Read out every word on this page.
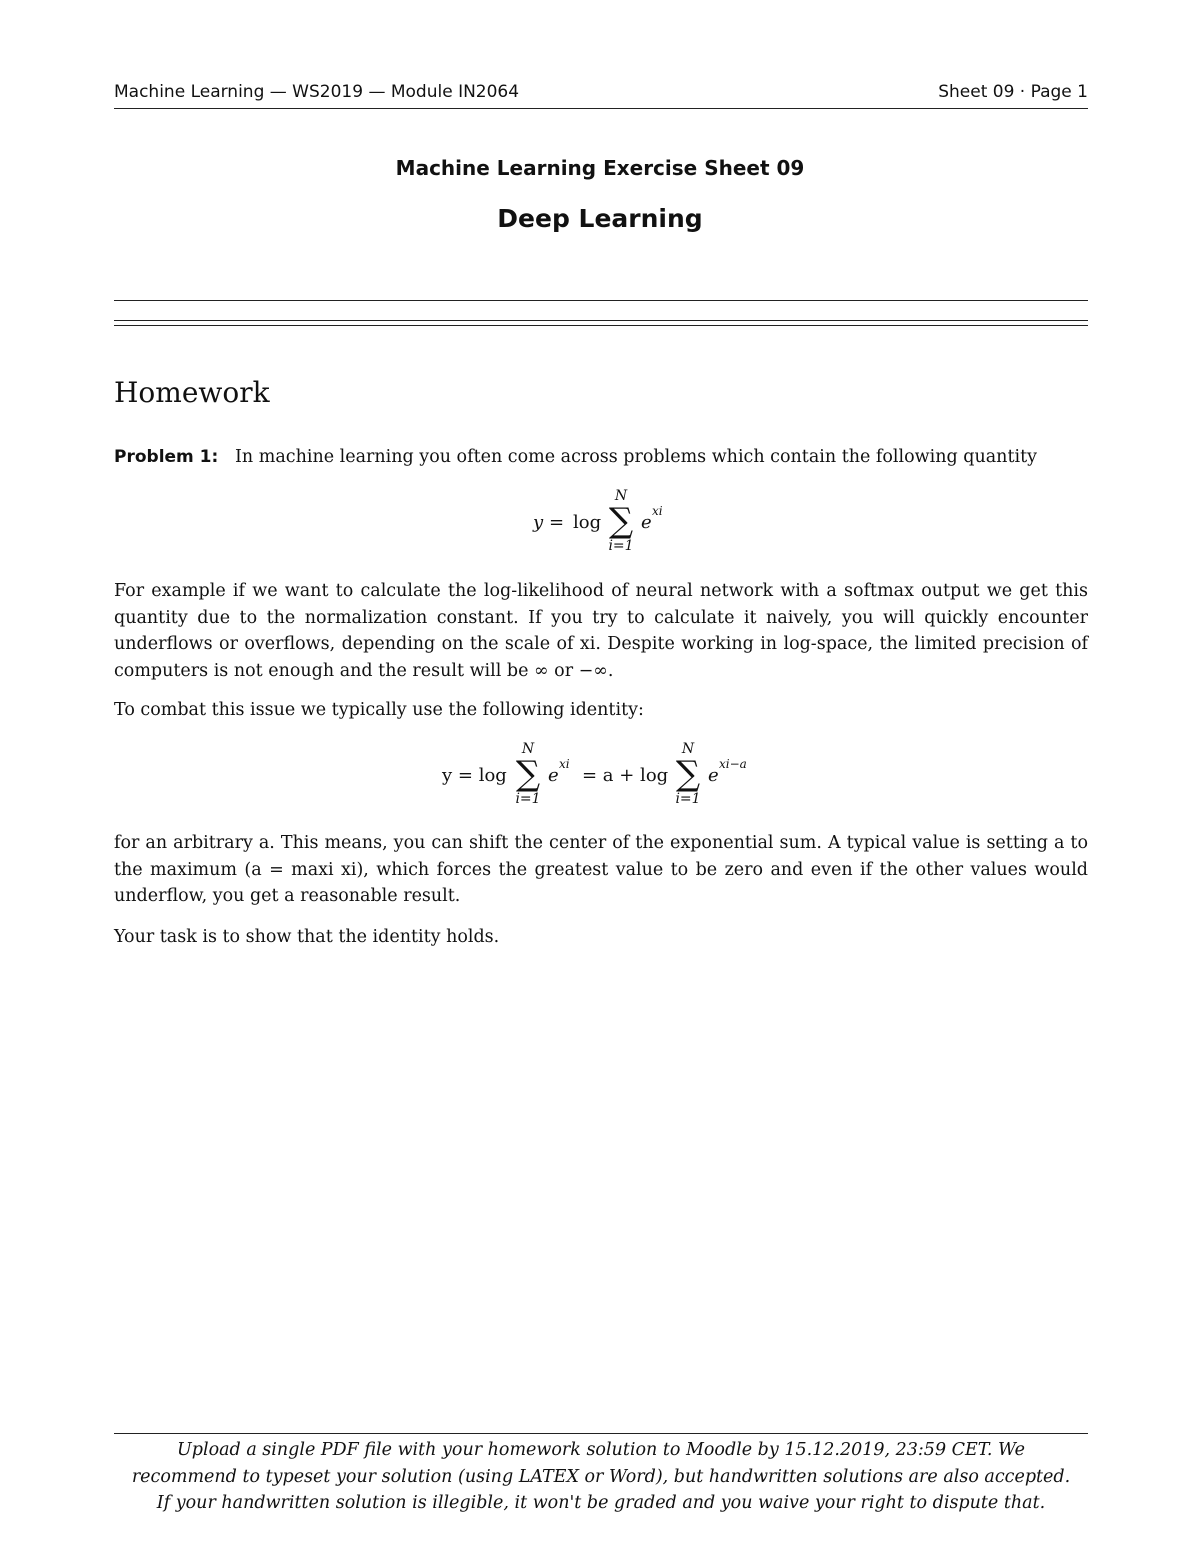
Machine Learning — WS2019 — Module IN2064	Sheet 09 · Page 1
Machine Learning Exercise Sheet 09
Deep Learning
Homework
Problem 1: In machine learning you often come across problems which contain the following quantity
y = log
N
∑
i=1
e
xi
For example if we want to calculate the log-likelihood of neural network with a softmax output we get this quantity due to the normalization constant. If you try to calculate it naively, you will quickly encounter underflows or overflows, depending on the scale of xi. Despite working in log-space, the limited precision of computers is not enough and the result will be ∞ or −∞.
To combat this issue we typically use the following identity:
y = log
N
∑
i=1
e
xi
= a + log
N
∑
i=1
e
xi−a
for an arbitrary a. This means, you can shift the center of the exponential sum. A typical value is setting a to the maximum (a = maxi xi), which forces the greatest value to be zero and even if the other values would underflow, you get a reasonable result.
Your task is to show that the identity holds.
Upload a single PDF file with your homework solution to Moodle by 15.12.2019, 23:59 CET. We
recommend to typeset your solution (using LATEX or Word), but handwritten solutions are also accepted.
If your handwritten solution is illegible, it won't be graded and you waive your right to dispute that.
